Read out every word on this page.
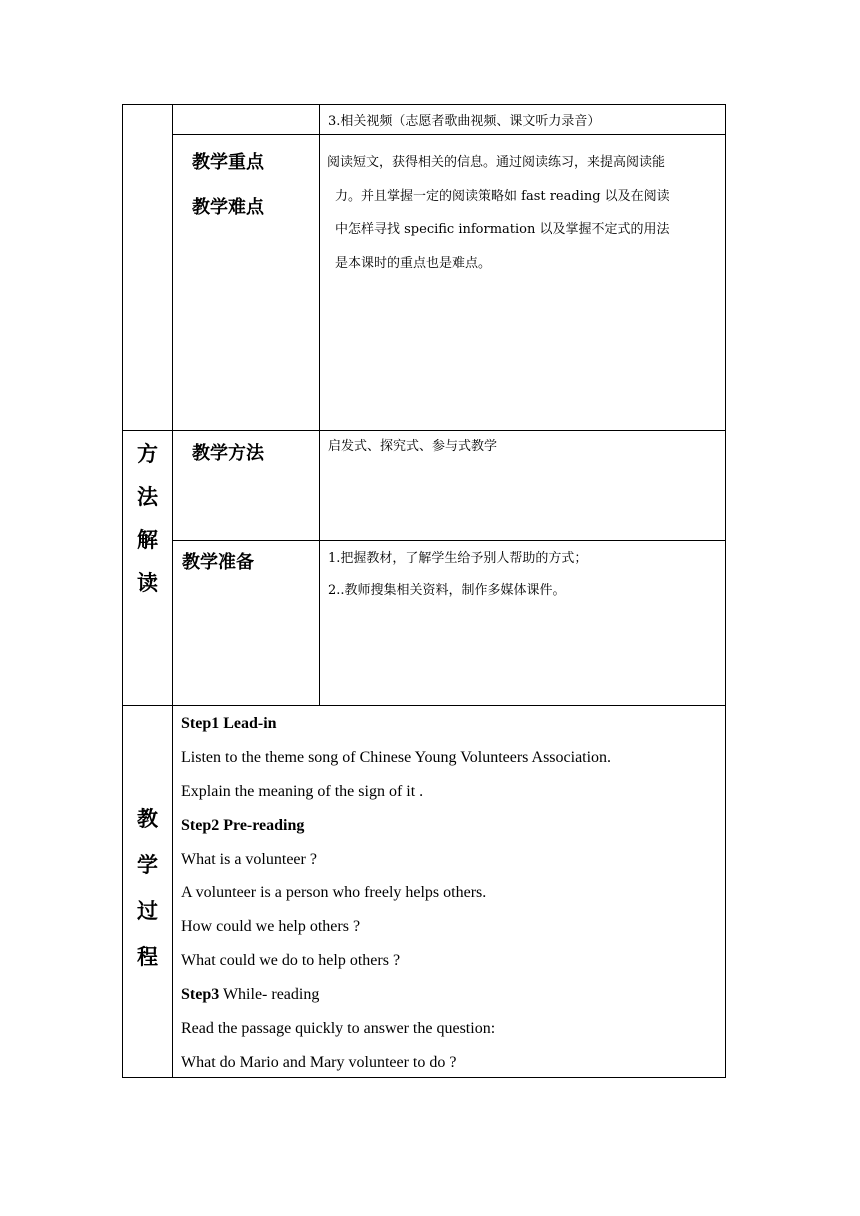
3.相关视频（志愿者歌曲视频、课文听力录音）
教学重点
教学难点
阅读短文，获得相关的信息。通过阅读练习，来提高阅读能
力。并且掌握一定的阅读策略如 fast reading 以及在阅读
中怎样寻找 specific information 以及掌握不定式的用法
是本课时的重点也是难点。
方
法
解
读
教学方法	启发式、探究式、参与式教学
教学准备	1.把握教材，了解学生给予别人帮助的方式；
2..教师搜集相关资料，制作多媒体课件。
教
学
过
程
Step1 Lead-in
Listen to the theme song of Chinese Young Volunteers Association.
Explain the meaning of the sign of it .
Step2 Pre-reading
What is a volunteer ?
A volunteer is a person who freely helps others.
How could we help others ?
What could we do to help others ?
Step3 While- reading
Read the passage quickly to answer the question:
What do Mario and Mary volunteer to do ?
